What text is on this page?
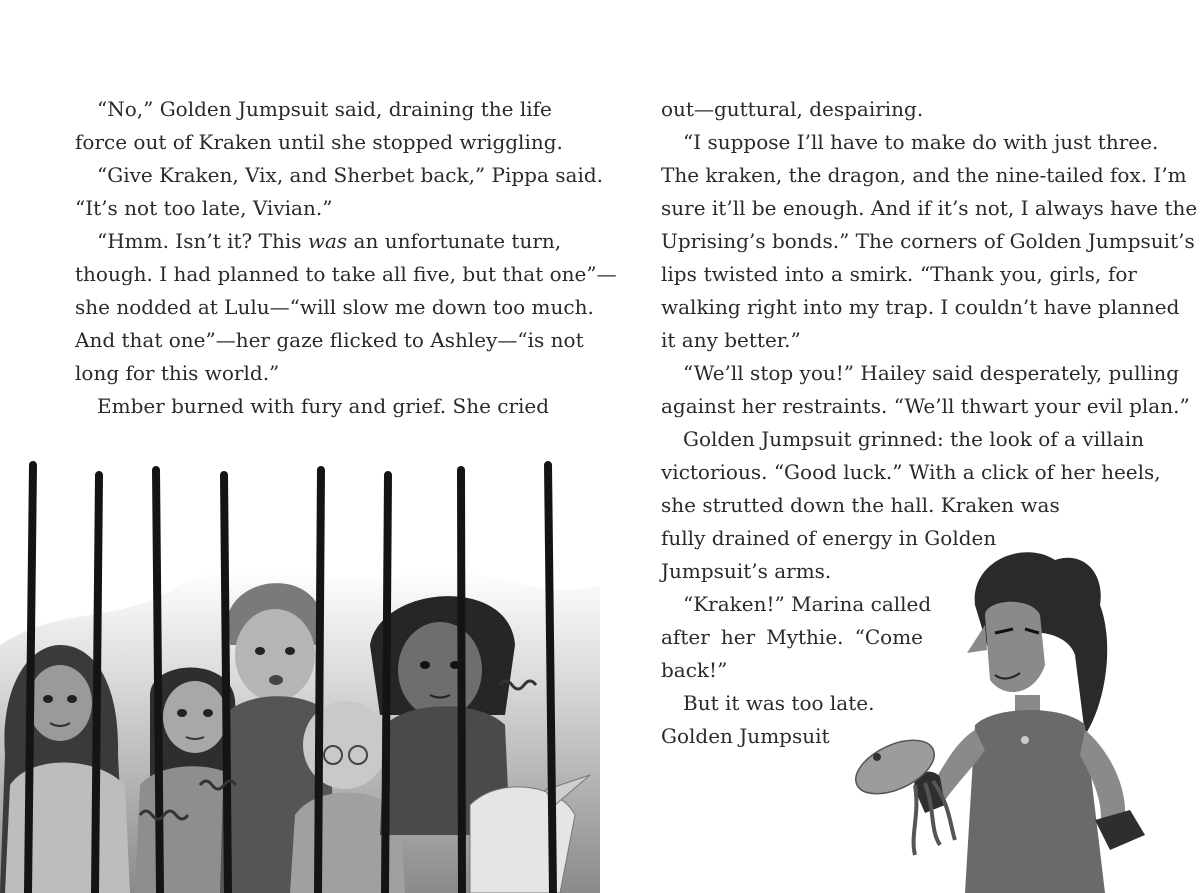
“No,” Golden Jumpsuit said, draining the life
force out of Kraken until she stopped wriggling.
“Give Kraken, Vix, and Sherbet back,” Pippa said.
“It’s not too late, Vivian.”
“Hmm. Isn’t it? This was an unfortunate turn,
though. I had planned to take all five, but that one”—
she nodded at Lulu—“will slow me down too much.
And that one”—her gaze flicked to Ashley—“is not
long for this world.”
Ember burned with fury and grief. She cried
out—guttural, despairing.
“I suppose I’ll have to make do with just three.
The kraken, the dragon, and the nine-tailed fox. I’m
sure it’ll be enough. And if it’s not, I always have the
Uprising’s bonds.” The corners of Golden Jumpsuit’s
lips twisted into a smirk. “Thank you, girls, for
walking right into my trap. I couldn’t have planned
it any better.”
“We’ll stop you!” Hailey said desperately, pulling
against her restraints. “We’ll thwart your evil plan.”
Golden Jumpsuit grinned: the look of a villain
victorious. “Good luck.” With a click of her heels,
she strutted down the hall. Kraken was
fully drained of energy in Golden
Jumpsuit’s arms.
“Kraken!” Marina called
after her Mythie. “Come
back!”
But it was too late.
Golden Jumpsuit
